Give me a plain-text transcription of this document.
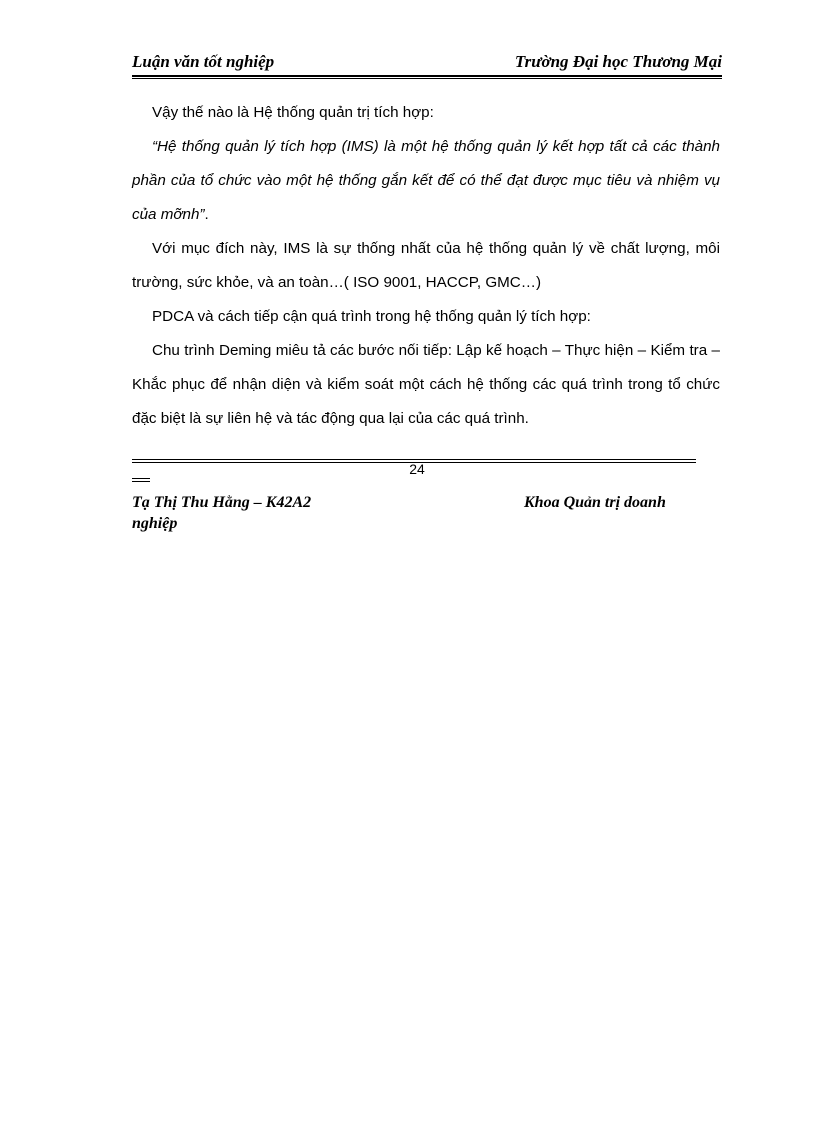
Luận văn tốt nghiệp	Trường Đại học Thương Mại

Vậy thế nào là Hệ thống quản trị tích hợp:

“Hệ thống quản lý tích hợp (IMS) là một hệ thống quản lý kết hợp tất cả các thành phần của tổ chức vào một hệ thống gắn kết để có thể đạt được mục tiêu và nhiệm vụ của mỡnh”.

Với mục đích này, IMS là sự thống nhất của hệ thống quản lý về chất lượng, môi trường, sức khỏe, và an toàn…( ISO 9001, HACCP, GMC…)

PDCA và cách tiếp cận quá trình trong hệ thống quản lý tích hợp:

Chu trình Deming miêu tả các bước nối tiếp: Lập kế hoạch – Thực hiện – Kiểm tra – Khắc phục để nhận diện và kiểm soát một cách hệ thống các quá trình trong tổ chức đặc biệt là sự liên hệ và tác động qua lại của các quá trình.

24
Tạ Thị Thu Hằng – K42A2	Khoa Quản trị doanh
nghiệp
